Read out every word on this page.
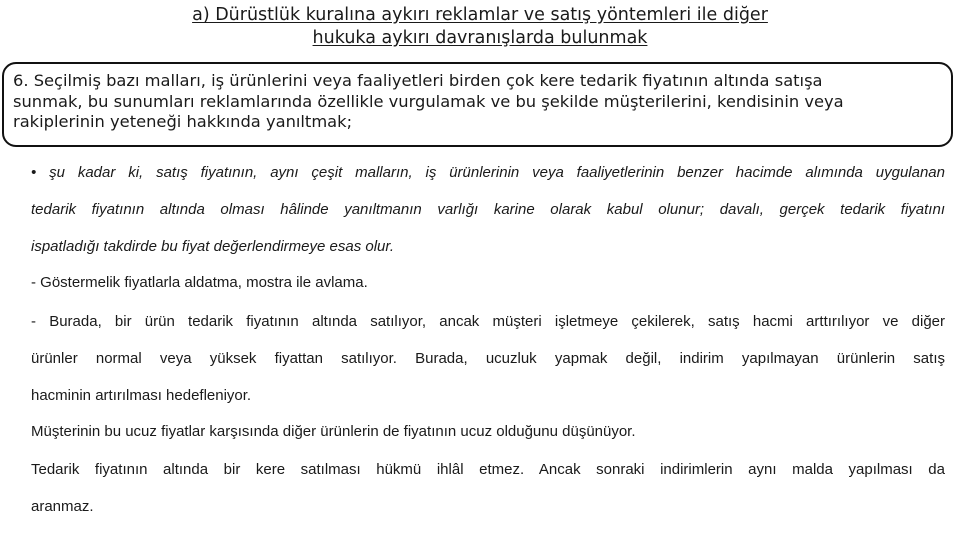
a) Dürüstlük kuralına aykırı reklamlar ve satış yöntemleri ile diğer
hukuka aykırı davranışlarda bulunmak
6. Seçilmiş bazı malları, iş ürünlerini veya faaliyetleri birden çok kere tedarik fiyatının altında satışa
sunmak, bu sunumları reklamlarında özellikle vurgulamak ve bu şekilde müşterilerini, kendisinin veya
rakiplerinin yeteneği hakkında yanıltmak;
• şu kadar ki, satış fiyatının, aynı çeşit malların, iş ürünlerinin veya faaliyetlerinin benzer hacimde alımında uygulanan
tedarik fiyatının altında olması hâlinde yanıltmanın varlığı karine olarak kabul olunur; davalı, gerçek tedarik fiyatını
ispatladığı takdirde bu fiyat değerlendirmeye esas olur.
- Göstermelik fiyatlarla aldatma, mostra ile avlama.
- Burada, bir ürün tedarik fiyatının altında satılıyor, ancak müşteri işletmeye çekilerek, satış hacmi arttırılıyor ve diğer
ürünler normal veya yüksek fiyattan satılıyor. Burada, ucuzluk yapmak değil, indirim yapılmayan ürünlerin satış
hacminin artırılması hedefleniyor.
Müşterinin bu ucuz fiyatlar karşısında diğer ürünlerin de fiyatının ucuz olduğunu düşünüyor.
Tedarik fiyatının altında bir kere satılması hükmü ihlâl etmez. Ancak sonraki indirimlerin aynı malda yapılması da
aranmaz.
